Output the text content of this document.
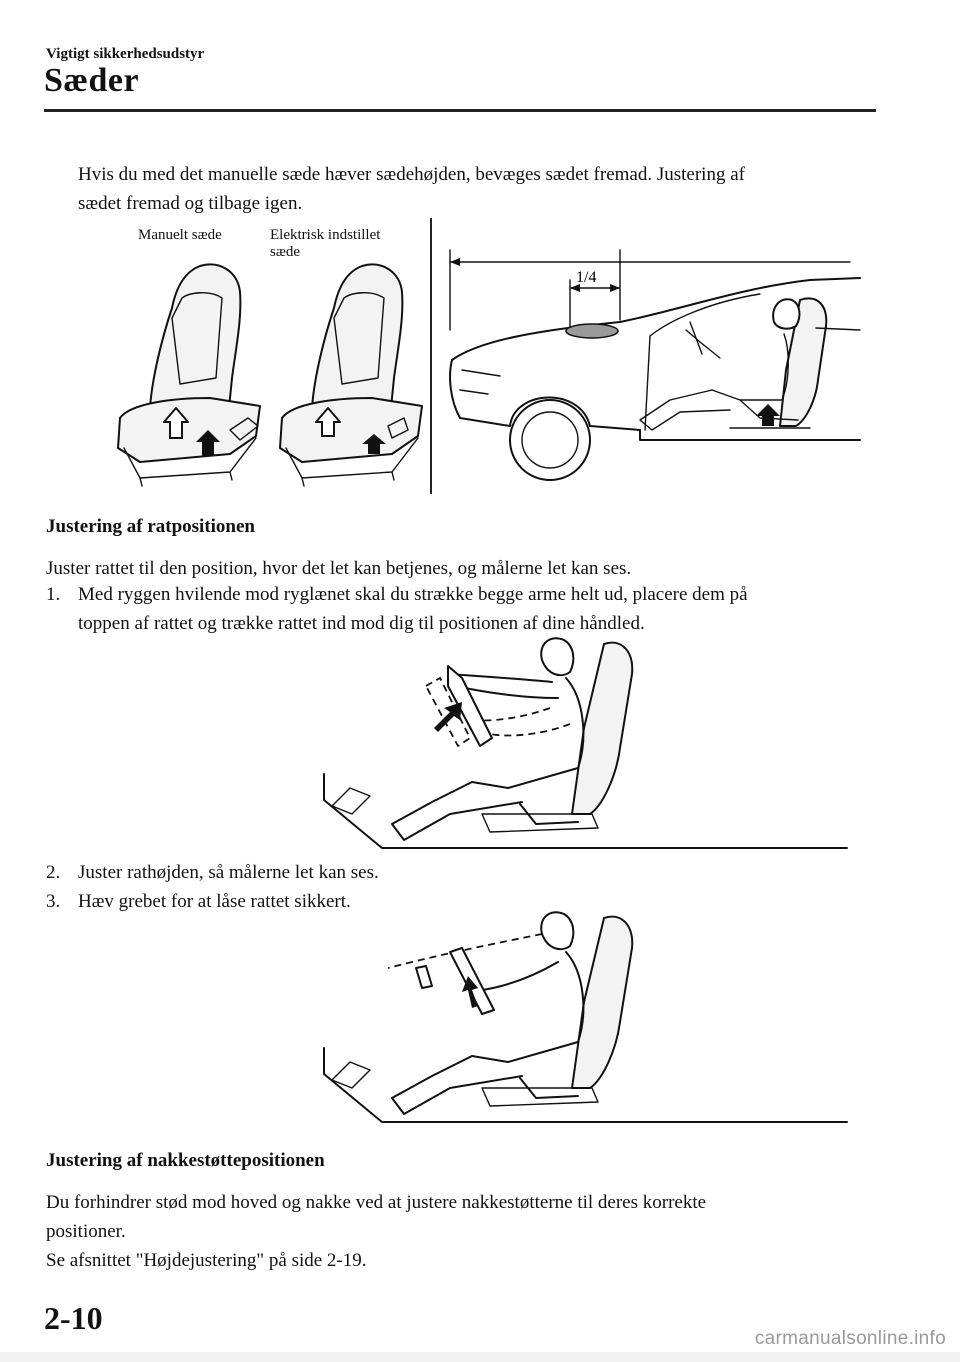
Vigtigt sikkerhedsudstyr
Sæder
Hvis du med det manuelle sæde hæver sædehøjden, bevæges sædet fremad. Justering af
sædet fremad og tilbage igen.
Manuelt sæde	Elektrisk indstillet
sæde
1/4
Justering af ratpositionen
Juster rattet til den position, hvor det let kan betjenes, og målerne let kan ses.
1. Med ryggen hvilende mod ryglænet skal du strække begge arme helt ud, placere dem på
toppen af rattet og trække rattet ind mod dig til positionen af dine håndled.
2. Juster rathøjden, så målerne let kan ses.
3. Hæv grebet for at låse rattet sikkert.
Justering af nakkestøttepositionen
Du forhindrer stød mod hoved og nakke ved at justere nakkestøtterne til deres korrekte
positioner.
Se afsnittet "Højdejustering" på side 2-19.
2-10
carmanualsonline.info
